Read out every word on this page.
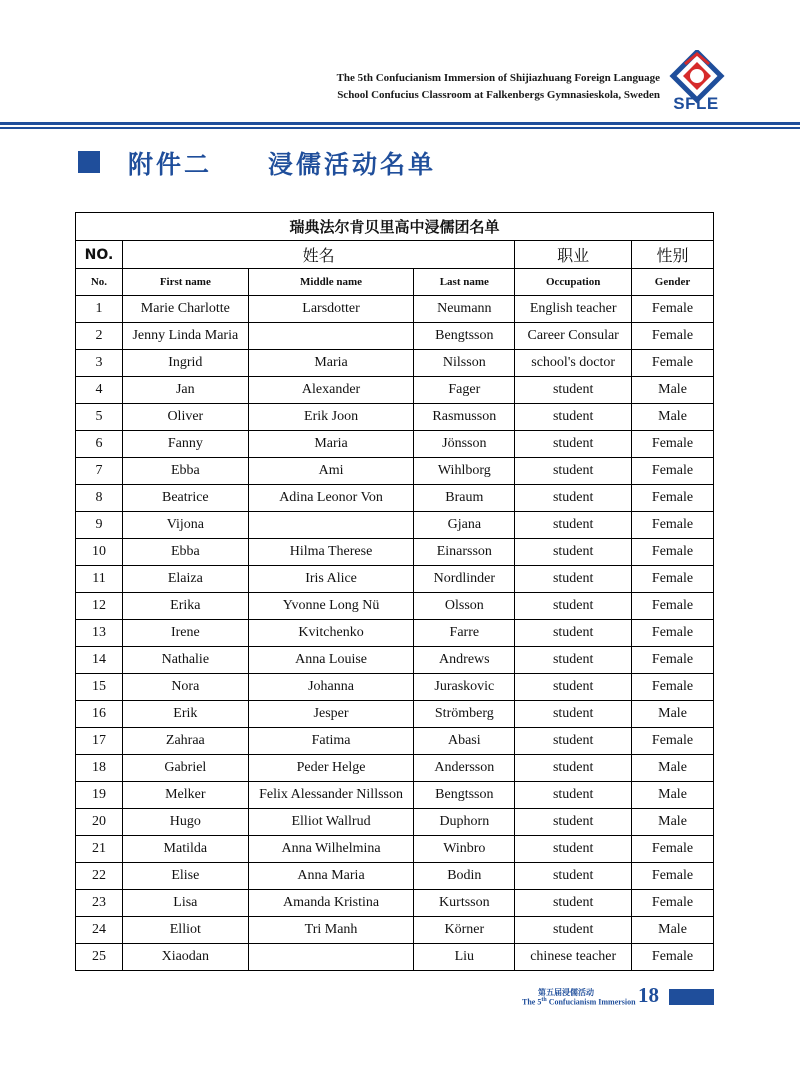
The 5th Confucianism Immersion of Shijiazhuang Foreign Language
School Confucius Classroom at Falkenbergs Gymnasieskola, Sweden SFLE
附件二　　浸儒活动名单
瑞典法尔肯贝里高中浸儒团名单					
NO.	姓名			职业	性别
No.	First name	Middle name	Last name	Occupation	Gender
1	Marie Charlotte	Larsdotter	Neumann	English teacher	Female
2	Jenny Linda Maria		Bengtsson	Career Consular	Female
3	Ingrid	Maria	Nilsson	school's doctor	Female
4	Jan	Alexander	Fager	student	Male
5	Oliver	Erik Joon	Rasmusson	student	Male
6	Fanny	Maria	Jönsson	student	Female
7	Ebba	Ami	Wihlborg	student	Female
8	Beatrice	Adina Leonor Von	Braum	student	Female
9	Vijona		Gjana	student	Female
10	Ebba	Hilma Therese	Einarsson	student	Female
11	Elaiza	Iris Alice	Nordlinder	student	Female
12	Erika	Yvonne Long Nü	Olsson	student	Female
13	Irene	Kvitchenko	Farre	student	Female
14	Nathalie	Anna Louise	Andrews	student	Female
15	Nora	Johanna	Juraskovic	student	Female
16	Erik	Jesper	Strömberg	student	Male
17	Zahraa	Fatima	Abasi	student	Female
18	Gabriel	Peder Helge	Andersson	student	Male
19	Melker	Felix Alessander Nillsson	Bengtsson	student	Male
20	Hugo	Elliot Wallrud	Duphorn	student	Male
21	Matilda	Anna Wilhelmina	Winbro	student	Female
22	Elise	Anna Maria	Bodin	student	Female
23	Lisa	Amanda Kristina	Kurtsson	student	Female
24	Elliot	Tri Manh	Körner	student	Male
25	Xiaodan		Liu	chinese teacher	Female
第五届浸儒活动
The 5th Confucianism Immersion 18
